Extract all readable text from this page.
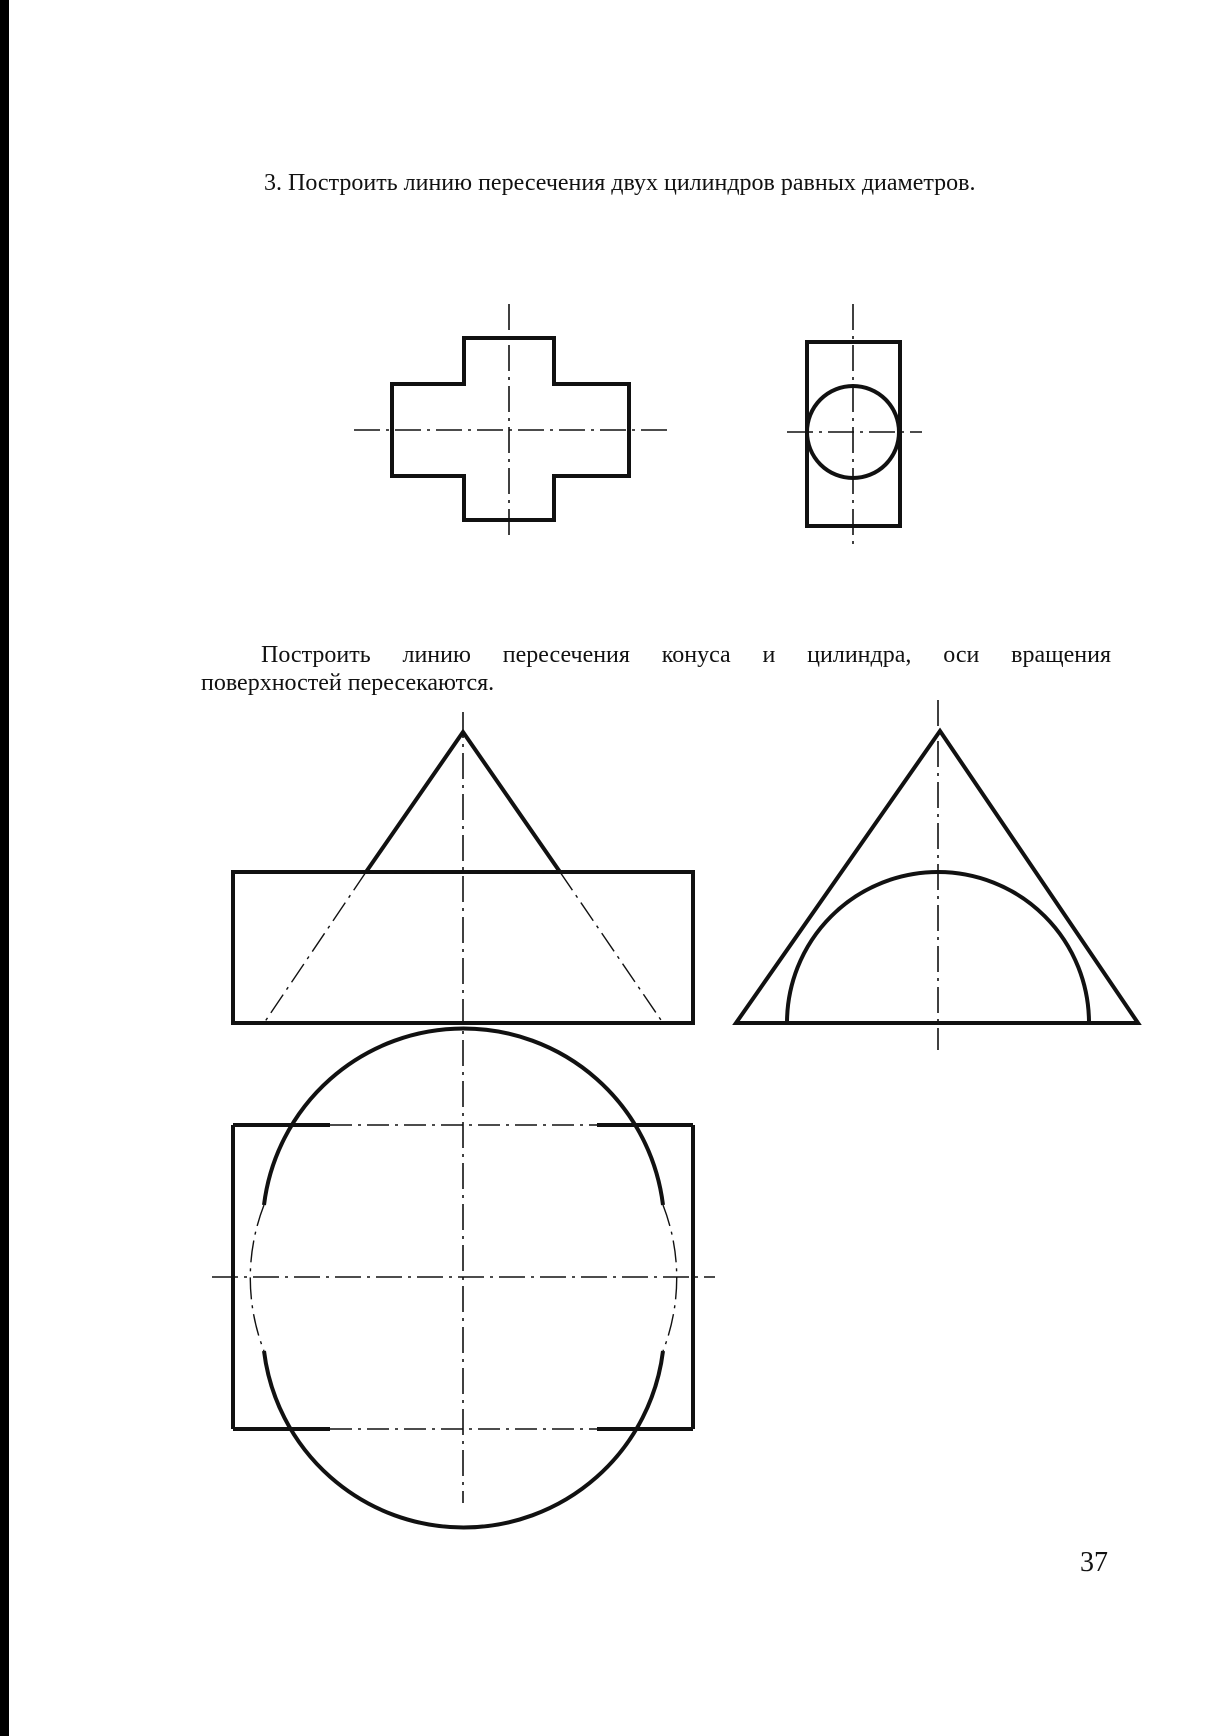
3. Построить линию пересечения двух цилиндров равных диаметров.
Построить линию пересечения конуса и цилиндра, оси вращения
поверхностей пересекаются.
37
